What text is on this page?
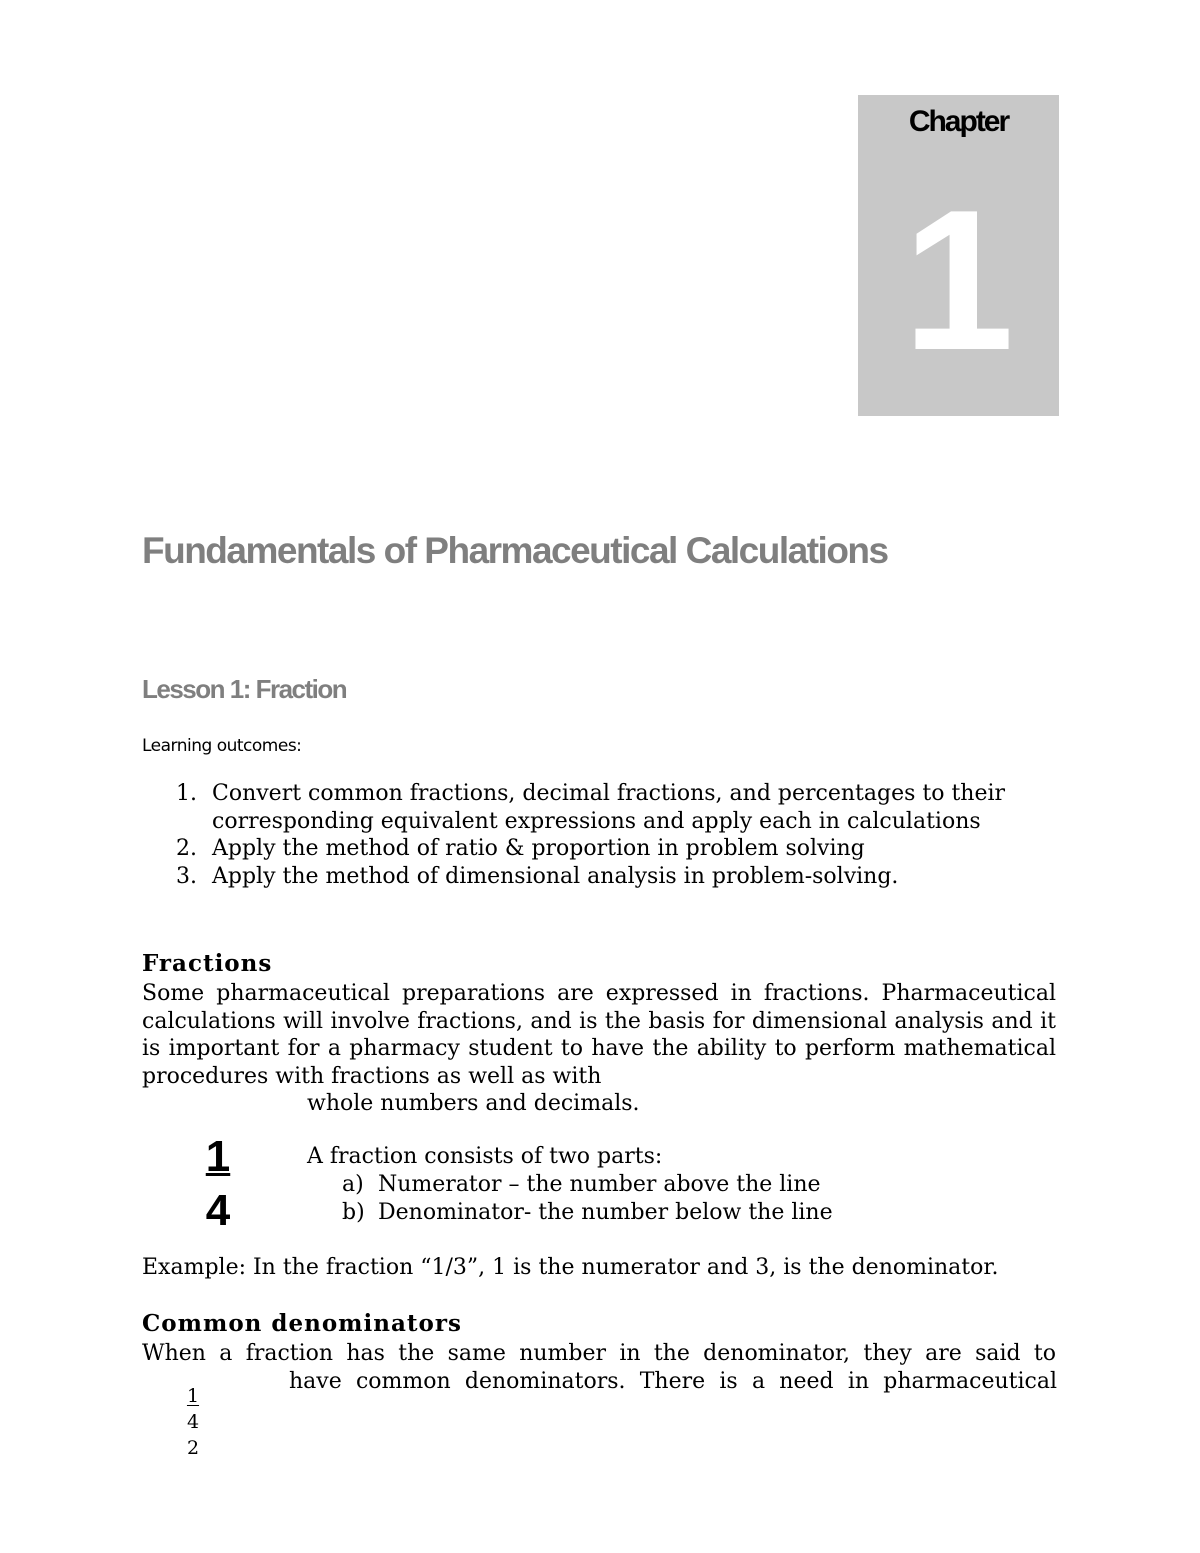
Chapter
1
Fundamentals of Pharmaceutical Calculations
Lesson 1: Fraction
Learning outcomes:
1. Convert common fractions, decimal fractions, and percentages to their corresponding equivalent expressions and apply each in calculations
2. Apply the method of ratio & proportion in problem solving
3. Apply the method of dimensional analysis in problem-solving.
Fractions
Some pharmaceutical preparations are expressed in fractions. Pharmaceutical calculations will involve fractions, and is the basis for dimensional analysis and it is important for a pharmacy student to have the ability to perform mathematical procedures with fractions as well as with
whole numbers and decimals.
$\frac{1}{4}$	A fraction consists of two parts:
a) Numerator – the number above the line
b) Denominator- the number below the line
Example: In the fraction “1/3”, 1 is the numerator and 3, is the denominator.
Common denominators
When a fraction has the same number in the denominator, they are said to
have common denominators. There is a need in pharmaceutical
1
4
2
